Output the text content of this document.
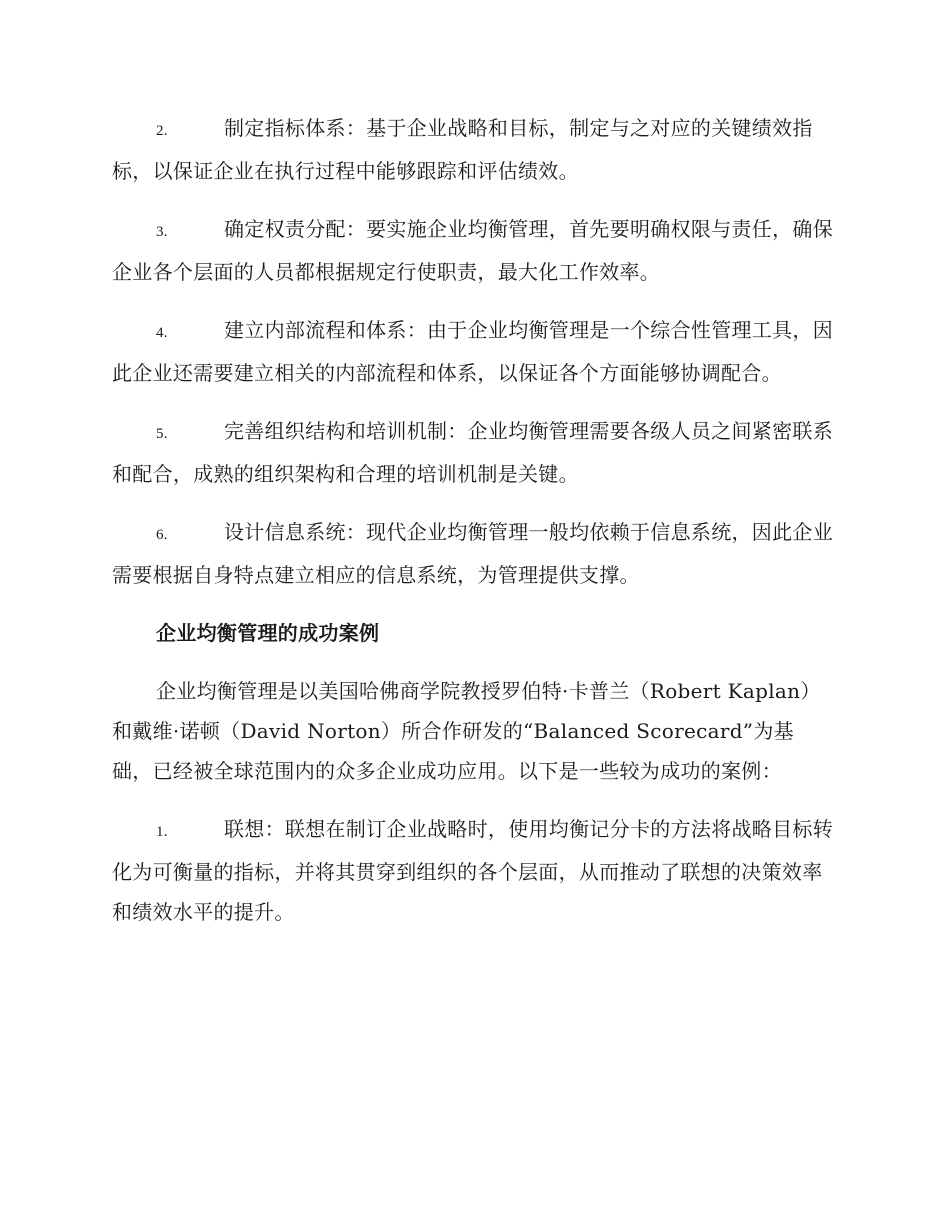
2.	制定指标体系：基于企业战略和目标，制定与之对应的关键绩效指标，以保证企业在执行过程中能够跟踪和评估绩效。

3.	确定权责分配：要实施企业均衡管理，首先要明确权限与责任，确保企业各个层面的人员都根据规定行使职责，最大化工作效率。

4.	建立内部流程和体系：由于企业均衡管理是一个综合性管理工具，因此企业还需要建立相关的内部流程和体系，以保证各个方面能够协调配合。

5.	完善组织结构和培训机制：企业均衡管理需要各级人员之间紧密联系和配合，成熟的组织架构和合理的培训机制是关键。

6.	设计信息系统：现代企业均衡管理一般均依赖于信息系统，因此企业需要根据自身特点建立相应的信息系统，为管理提供支撑。

企业均衡管理的成功案例

企业均衡管理是以美国哈佛商学院教授罗伯特·卡普兰（Robert Kaplan）和戴维·诺顿（David Norton）所合作研发的“Balanced Scorecard”为基础，已经被全球范围内的众多企业成功应用。以下是一些较为成功的案例：

1.	联想：联想在制订企业战略时，使用均衡记分卡的方法将战略目标转化为可衡量的指标，并将其贯穿到组织的各个层面，从而推动了联想的决策效率和绩效水平的提升。
